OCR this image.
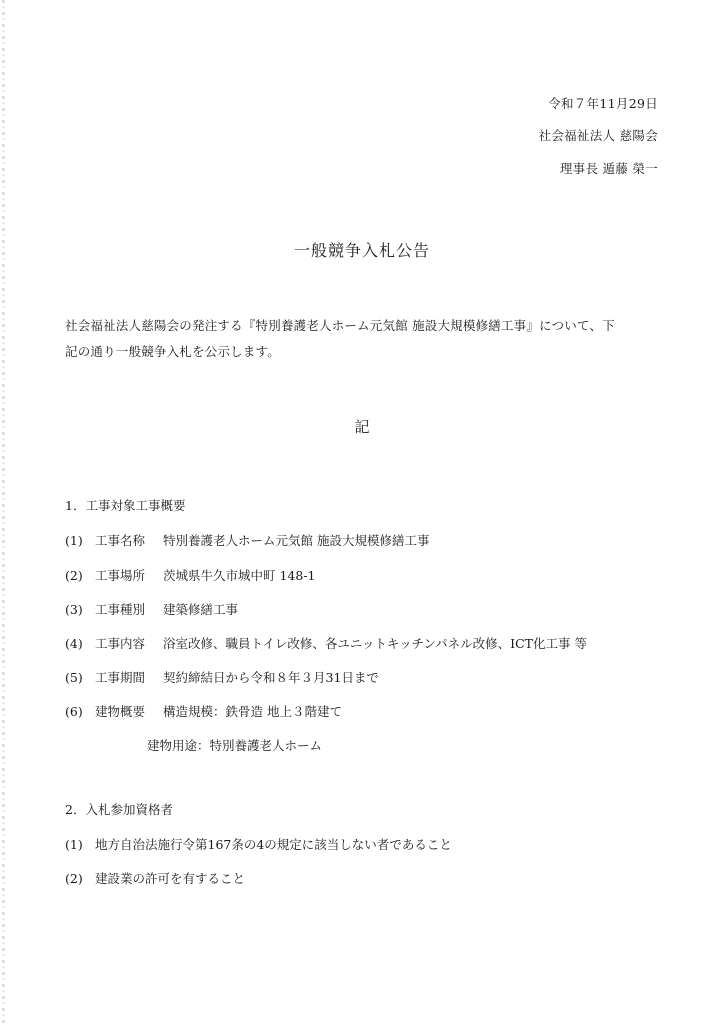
令和７年11月29日
社会福祉法人 慈陽会
理事長 遁藤 榮一
一般競争入札公告
社会福祉法人慈陽会の発注する『特別養護老人ホーム元気館 施設大規模修繕工事』について、下
記の通り一般競争入札を公示します。
記
1．工事対象工事概要
(1) 工事名称 特別養護老人ホーム元気館 施設大規模修繕工事
(2) 工事場所 茨城県牛久市城中町 148-1
(3) 工事種別 建築修繕工事
(4) 工事内容 浴室改修、職員トイレ改修、各ユニットキッチンパネル改修、ICT化工事 等
(5) 工事期間 契約締結日から令和８年３月31日まで
(6) 建物概要 構造規模：鉄骨造 地上３階建て
建物用途：特別養護老人ホーム
2．入札参加資格者
(1) 地方自治法施行令第167条の4の規定に該当しない者であること
(2) 建設業の許可を有すること
